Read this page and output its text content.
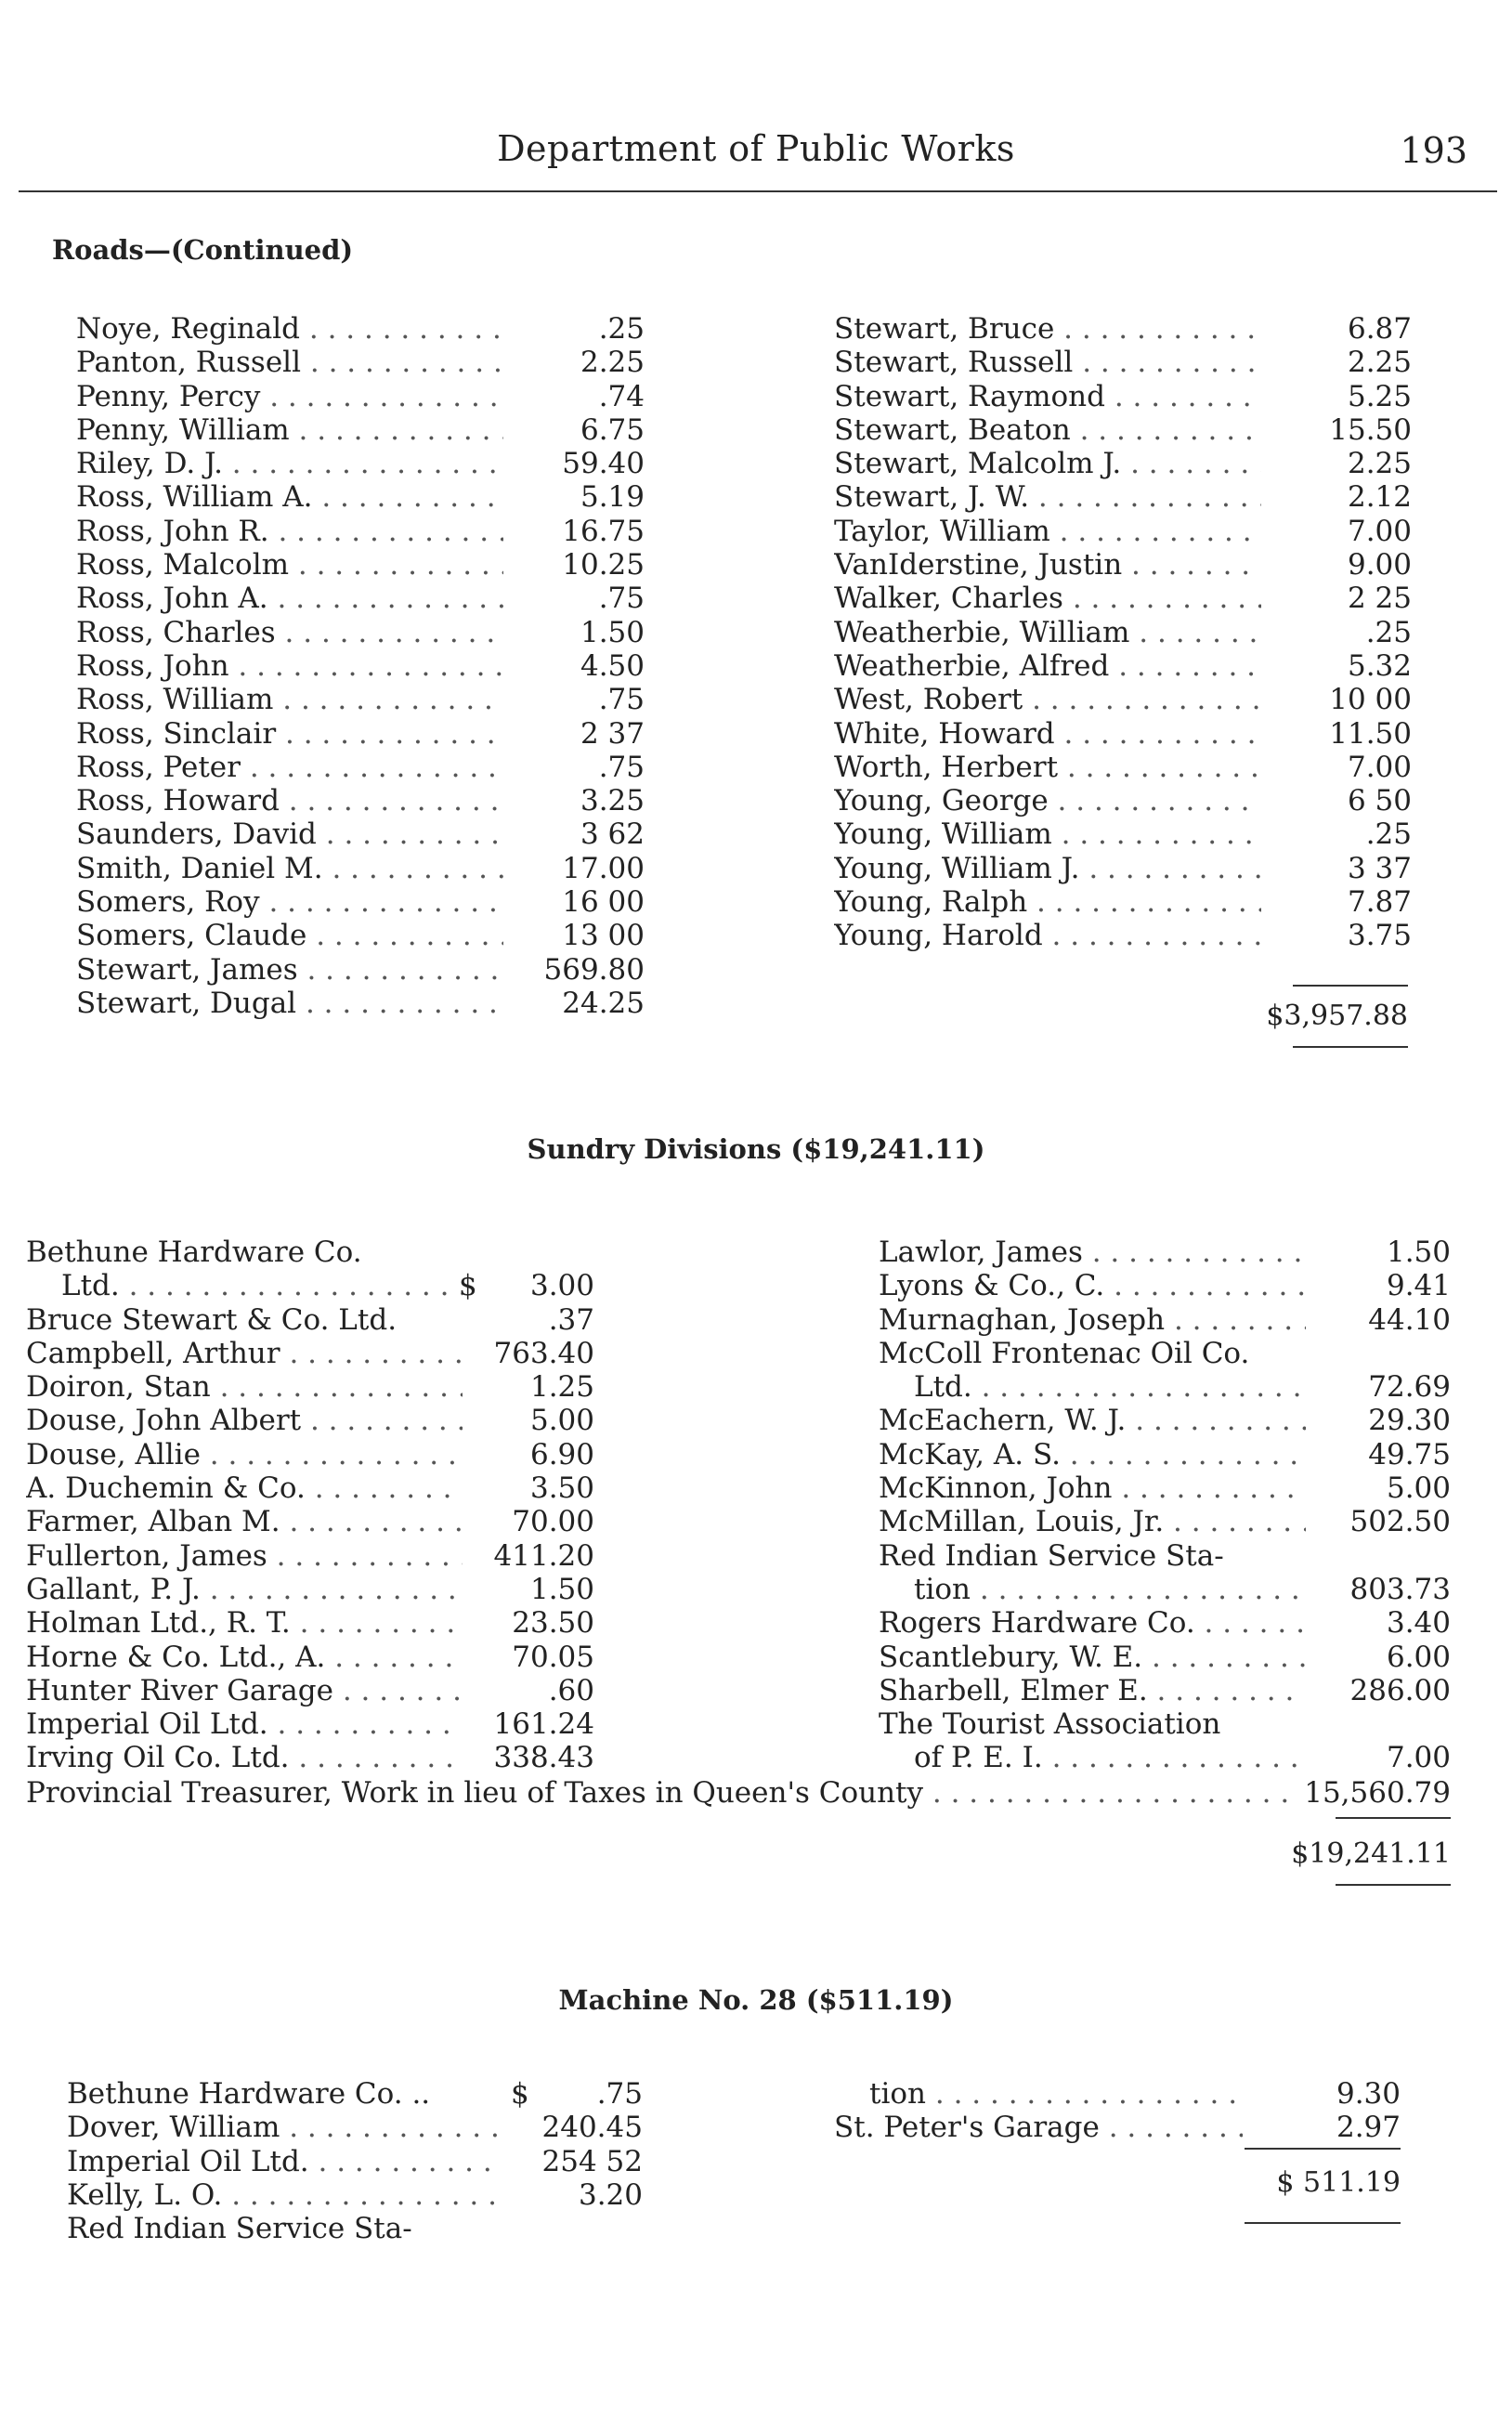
Department of Public Works	193
Roads—(Continued)
Noye, Reginald . . .	.25
Panton, Russell . . .	2.25
Penny, Percy . . .	.74
Penny, William . . .	6.75
Riley, D. J. . . .	59.40
Ross, William A. . . .	5.19
Ross, John R. . . .	16.75
Ross, Malcolm . . .	10.25
Ross, John A. . . .	.75
Ross, Charles . . .	1.50
Ross, John . . .	4.50
Ross, William . . .	.75
Ross, Sinclair . . .	2 37
Ross, Peter . . .	.75
Ross, Howard . . .	3.25
Saunders, David . . .	3 62
Smith, Daniel M. . . .	17.00
Somers, Roy . . .	16 00
Somers, Claude . . .	13 00
Stewart, James . . .	569.80
Stewart, Dugal . . .	24.25
Stewart, Bruce . . .	6.87
Stewart, Russell . . .	2.25
Stewart, Raymond . . .	5.25
Stewart, Beaton . . .	15.50
Stewart, Malcolm J. . . .	2.25
Stewart, J. W. . . .	2.12
Taylor, William . . .	7.00
VanIderstine, Justin . . .	9.00
Walker, Charles . . .	2 25
Weatherbie, William . . .	.25
Weatherbie, Alfred . . .	5.32
West, Robert . . .	10 00
White, Howard . . .	11.50
Worth, Herbert . . .	7.00
Young, George . . .	6 50
Young, William . . .	.25
Young, William J. . . .	3 37
Young, Ralph . . .	7.87
Young, Harold . . .	3.75
$3,957.88
Sundry Divisions ($19,241.11)
Bethune Hardware Co.
Ltd. . . .	$	3.00
Bruce Stewart & Co. Ltd.	.37
Campbell, Arthur . . .	763.40
Doiron, Stan . . .	1.25
Douse, John Albert . . .	5.00
Douse, Allie . . .	6.90
A. Duchemin & Co. . . .	3.50
Farmer, Alban M. . . .	70.00
Fullerton, James . . .	411.20
Gallant, P. J. . . .	1.50
Holman Ltd., R. T. . . .	23.50
Horne & Co. Ltd., A. . . .	70.05
Hunter River Garage . . .	.60
Imperial Oil Ltd. . . .	161.24
Irving Oil Co. Ltd. . . .	338.43
Lawlor, James . . .	1.50
Lyons & Co., C. . . .	9.41
Murnaghan, Joseph . . .	44.10
McColl Frontenac Oil Co.
Ltd. . . .	72.69
McEachern, W. J. . . .	29.30
McKay, A. S. . . .	49.75
McKinnon, John . . .	5.00
McMillan, Louis, Jr. . . .	502.50
Red Indian Service Sta-
tion . . .	803.73
Rogers Hardware Co. . . .	3.40
Scantlebury, W. E. . . .	6.00
Sharbell, Elmer E. . . .	286.00
The Tourist Association
of P. E. I. . . .	7.00
Provincial Treasurer, Work in lieu of Taxes in Queen's County . . .	15,560.79
$19,241.11
Machine No. 28 ($511.19)
Bethune Hardware Co. ..	$	.75
Dover, William . . .	240.45
Imperial Oil Ltd. . . .	254 52
Kelly, L. O. . . .	3.20
Red Indian Service Sta-
tion . . .	9.30
St. Peter's Garage . . .	2.97
$ 511.19
